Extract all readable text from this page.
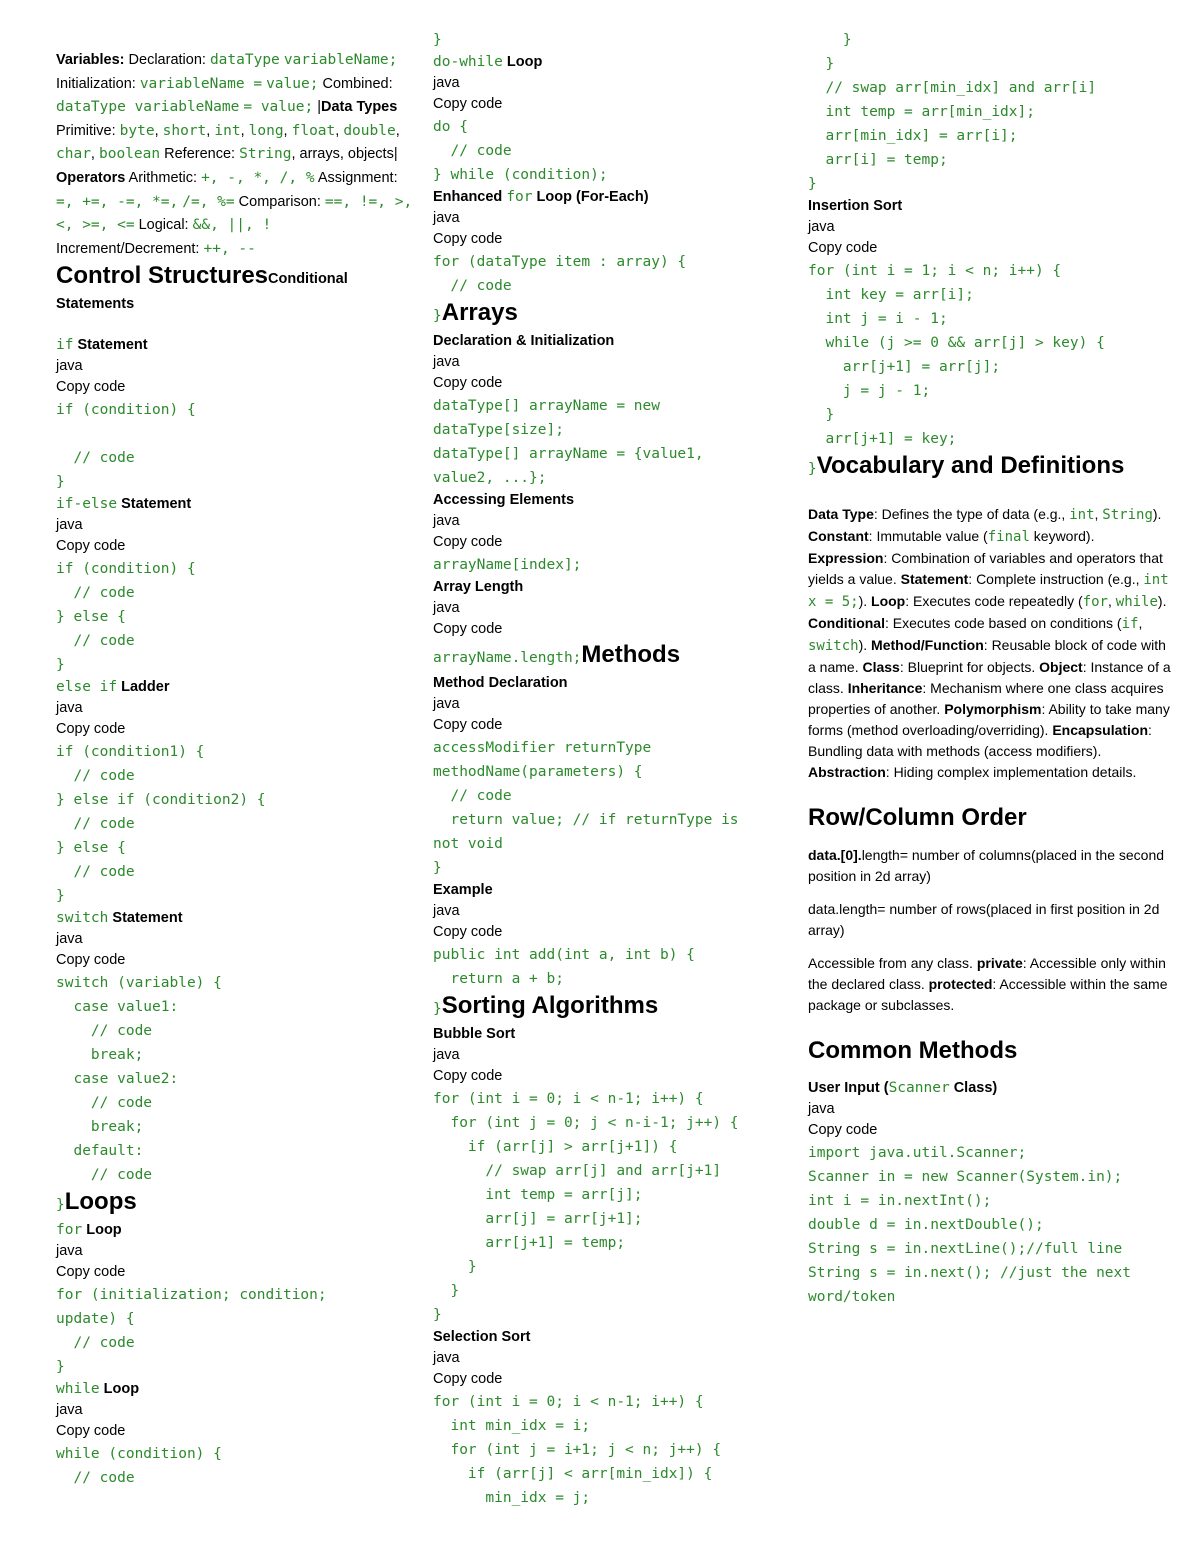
Variables: Declaration: dataType variableName; Initialization: variableName = value; Combined: dataType variableName = value; |Data Types Primitive: byte, short, int, long, float, double, char, boolean Reference: String, arrays, objects| Operators Arithmetic: +, -, *, /, % Assignment: =, +=, -=, *=, /=, %= Comparison: ==, !=, >, <, >=, <= Logical: &&, ||, ! Increment/Decrement: ++, --
Control StructuresConditional
Statements
if Statement
java
Copy code
if (condition) {
// code
}
if-else Statement
java
Copy code
if (condition) {
// code
} else {
// code
}
else if Ladder
java
Copy code
if (condition1) {
// code
} else if (condition2) {
// code
} else {
// code
}
switch Statement
java
Copy code
switch (variable) {
case value1:
// code
break;
case value2:
// code
break;
default:
// code
}Loops
for Loop
java
Copy code
for (initialization; condition;
update) {
// code
}
while Loop
java
Copy code
while (condition) {
// code
}
do-while Loop
java
Copy code
do {
// code
} while (condition);
Enhanced for Loop (For-Each)
java
Copy code
for (dataType item : array) {
// code
}Arrays
Declaration & Initialization
java
Copy code
dataType[] arrayName = new
dataType[size];
dataType[] arrayName = {value1,
value2, ...};
Accessing Elements
java
Copy code
arrayName[index];
Array Length
java
Copy code
arrayName.length;Methods
Method Declaration
java
Copy code
accessModifier returnType
methodName(parameters) {
// code
return value; // if returnType is
not void
}
Example
java
Copy code
public int add(int a, int b) {
return a + b;
}Sorting Algorithms
Bubble Sort
java
Copy code
for (int i = 0; i < n-1; i++) {
for (int j = 0; j < n-i-1; j++) {
if (arr[j] > arr[j+1]) {
// swap arr[j] and arr[j+1]
int temp = arr[j];
arr[j] = arr[j+1];
arr[j+1] = temp;
}
}
}
Selection Sort
java
Copy code
for (int i = 0; i < n-1; i++) {
int min_idx = i;
for (int j = i+1; j < n; j++) {
if (arr[j] < arr[min_idx]) {
min_idx = j;
}
}
// swap arr[min_idx] and arr[i]
int temp = arr[min_idx];
arr[min_idx] = arr[i];
arr[i] = temp;
}
Insertion Sort
java
Copy code
for (int i = 1; i < n; i++) {
int key = arr[i];
int j = i - 1;
while (j >= 0 && arr[j] > key) {
arr[j+1] = arr[j];
j = j - 1;
}
arr[j+1] = key;
}Vocabulary and Definitions
Data Type: Defines the type of data (e.g., int, String). Constant: Immutable value (final keyword). Expression: Combination of variables and operators that yields a value. Statement: Complete instruction (e.g., int x = 5;). Loop: Executes code repeatedly (for, while). Conditional: Executes code based on conditions (if, switch). Method/Function: Reusable block of code with a name. Class: Blueprint for objects. Object: Instance of a class. Inheritance: Mechanism where one class acquires properties of another. Polymorphism: Ability to take many forms (method overloading/overriding). Encapsulation: Bundling data with methods (access modifiers). Abstraction: Hiding complex implementation details.
Row/Column Order
data.[0].length= number of columns(placed in the second position in 2d array)
data.length= number of rows(placed in first position in 2d array)
Accessible from any class. private: Accessible only within the declared class. protected: Accessible within the same package or subclasses.
Common Methods
User Input (Scanner Class)
java
Copy code
import java.util.Scanner;
Scanner in = new Scanner(System.in);
int i = in.nextInt();
double d = in.nextDouble();
String s = in.nextLine();//full line
String s = in.next(); //just the next
word/token
